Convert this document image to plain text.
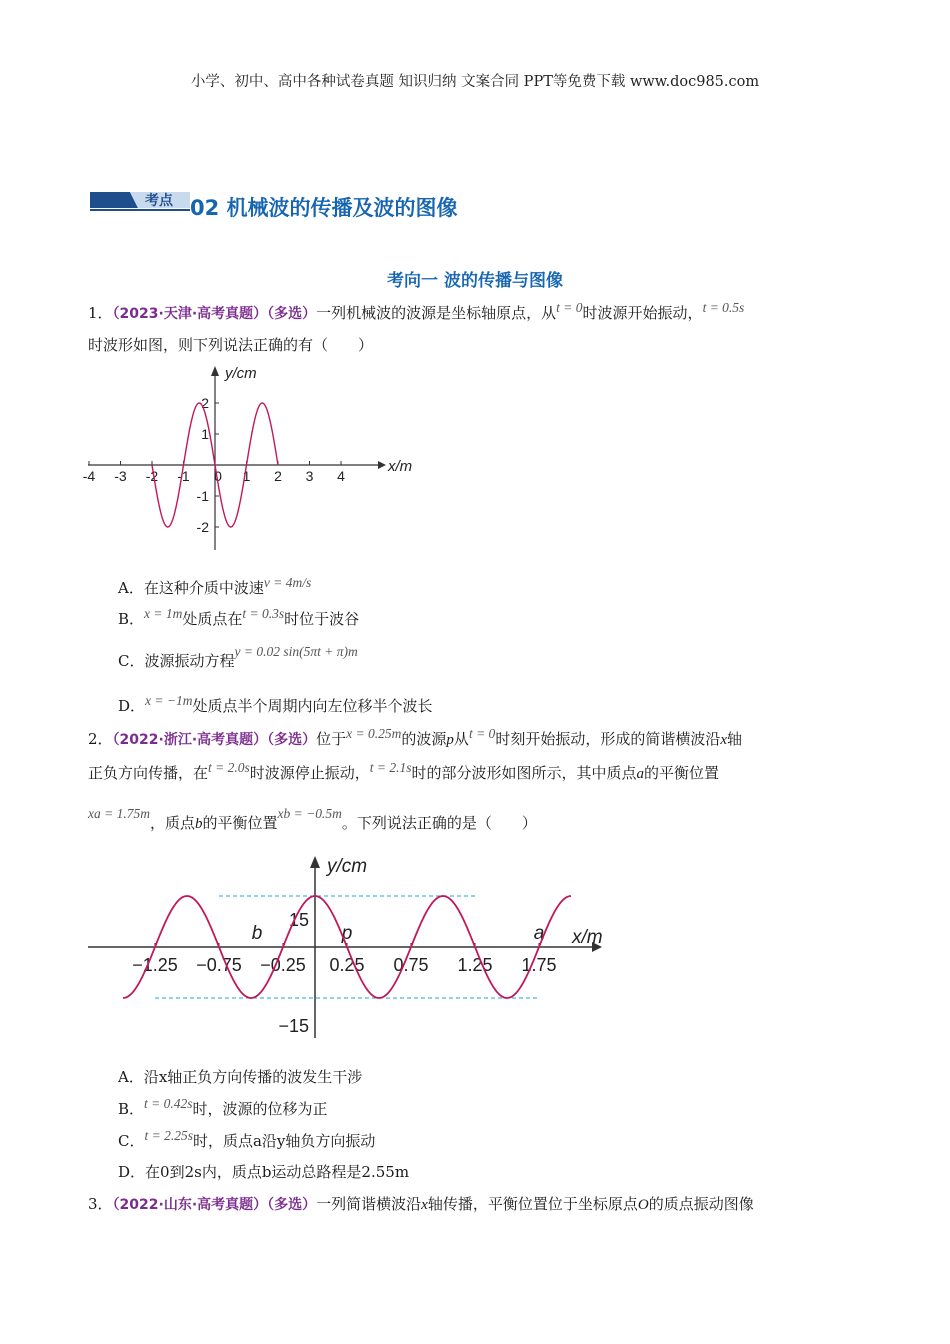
小学、初中、高中各种试卷真题 知识归纳 文案合同 PPT等免费下载 www.doc985.com
考点 02 机械波的传播及波的图像
考向一 波的传播与图像
1．（2023·天津·高考真题）（多选）一列机械波的波源是坐标轴原点，从t = 0时波源开始振动，t = 0.5s
时波形如图，则下列说法正确的有（　　）
-4 -3 -2 -1 0 1 2 3 4
2
1
-1
-2
x/m
y/cm
A．在这种介质中波速v = 4m/s
B．x = 1m处质点在t = 0.3s时位于波谷
C．波源振动方程y = 0.02 sin(5πt + π)m
D．x = −1m处质点半个周期内向左位移半个波长
2．（2022·浙江·高考真题）（多选）位于x = 0.25m的波源p从t = 0时刻开始振动，形成的简谐横波沿x轴
正负方向传播，在t = 2.0s时波源停止振动，t = 2.1s时的部分波形如图所示，其中质点a的平衡位置
xa = 1.75m，质点b的平衡位置xb = −0.5m。下列说法正确的是（　　）
−1.25 −0.75 −0.25 0.25 0.75 1.25 1.75
15
−15
x/m
y/cm
b	p	a
A．沿x轴正负方向传播的波发生干涉
B．t = 0.42s时，波源的位移为正
C．t = 2.25s时，质点a沿y轴负方向振动
D．在0到2s内，质点b运动总路程是2.55m
3．（2022·山东·高考真题）（多选）一列简谐横波沿x轴传播，平衡位置位于坐标原点O的质点振动图像
